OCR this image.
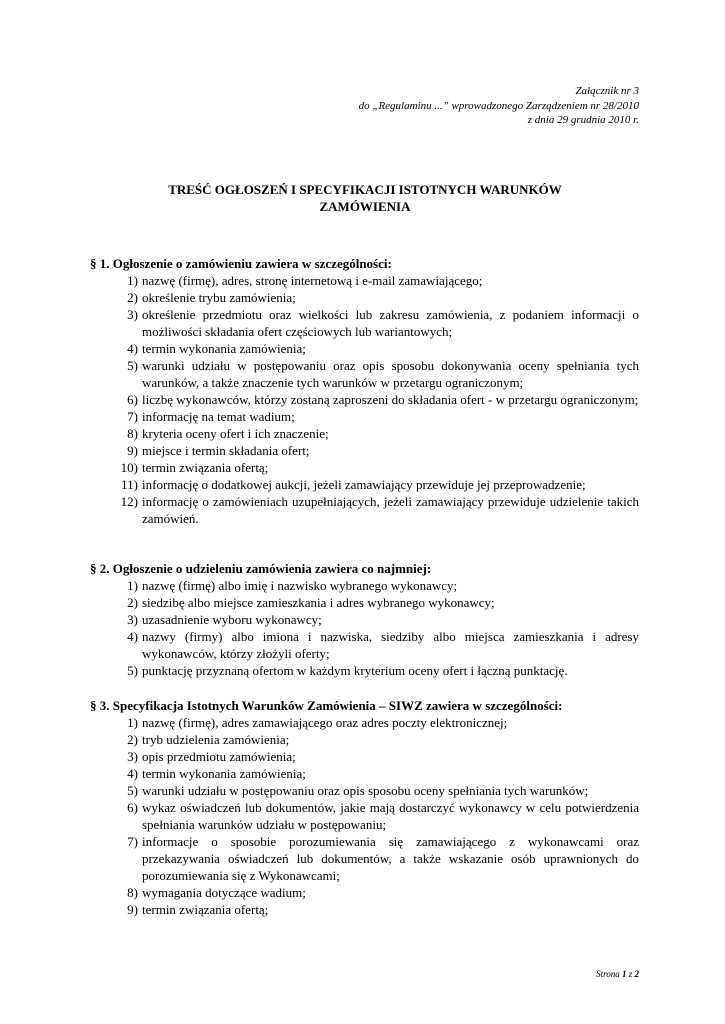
Załącznik nr 3
do „Regulaminu ...” wprowadzonego Zarządzeniem nr 28/2010
z dnia 29 grudnia 2010 r.
TREŚĆ OGŁOSZEŃ I SPECYFIKACJI ISTOTNYCH WARUNKÓW
ZAMÓWIENIA

§ 1. Ogłoszenie o zamówieniu zawiera w szczególności:

1) nazwę (firmę), adres, stronę internetową i e-mail zamawiającego;
2) określenie trybu zamówienia;
3) określenie przedmiotu oraz wielkości lub zakresu zamówienia, z podaniem informacji o możliwości składania ofert częściowych lub wariantowych;
4) termin wykonania zamówienia;
5) warunki udziału w postępowaniu oraz opis sposobu dokonywania oceny spełniania tych warunków, a także znaczenie tych warunków w przetargu ograniczonym;
6) liczbę wykonawców, którzy zostaną zaproszeni do składania ofert - w przetargu ograniczonym;
7) informację na temat wadium;
8) kryteria oceny ofert i ich znaczenie;
9) miejsce i termin składania ofert;
10) termin związania ofertą;
11) informację o dodatkowej aukcji, jeżeli zamawiający przewiduje jej przeprowadzenie;
12) informację o zamówieniach uzupełniających, jeżeli zamawiający przewiduje udzielenie takich zamówień.

§ 2. Ogłoszenie o udzieleniu zamówienia zawiera co najmniej:

1) nazwę (firmę) albo imię i nazwisko wybranego wykonawcy;
2) siedzibę albo miejsce zamieszkania i adres wybranego wykonawcy;
3) uzasadnienie wyboru wykonawcy;
4) nazwy (firmy) albo imiona i nazwiska, siedziby albo miejsca zamieszkania i adresy wykonawców, którzy złożyli oferty;
5) punktację przyznaną ofertom w każdym kryterium oceny ofert i łączną punktację.

§ 3. Specyfikacja Istotnych Warunków Zamówienia – SIWZ zawiera w szczególności:

1) nazwę (firmę), adres zamawiającego oraz adres poczty elektronicznej;
2) tryb udzielenia zamówienia;
3) opis przedmiotu zamówienia;
4) termin wykonania zamówienia;
5) warunki udziału w postępowaniu oraz opis sposobu oceny spełniania tych warunków;
6) wykaz oświadczeń lub dokumentów, jakie mają dostarczyć wykonawcy w celu potwierdzenia spełniania warunków udziału w postępowaniu;
7) informacje o sposobie porozumiewania się zamawiającego z wykonawcami oraz przekazywania oświadczeń lub dokumentów, a także wskazanie osób uprawnionych do porozumiewania się z Wykonawcami;
8) wymagania dotyczące wadium;
9) termin związania ofertą;
Strona 1 z 2
